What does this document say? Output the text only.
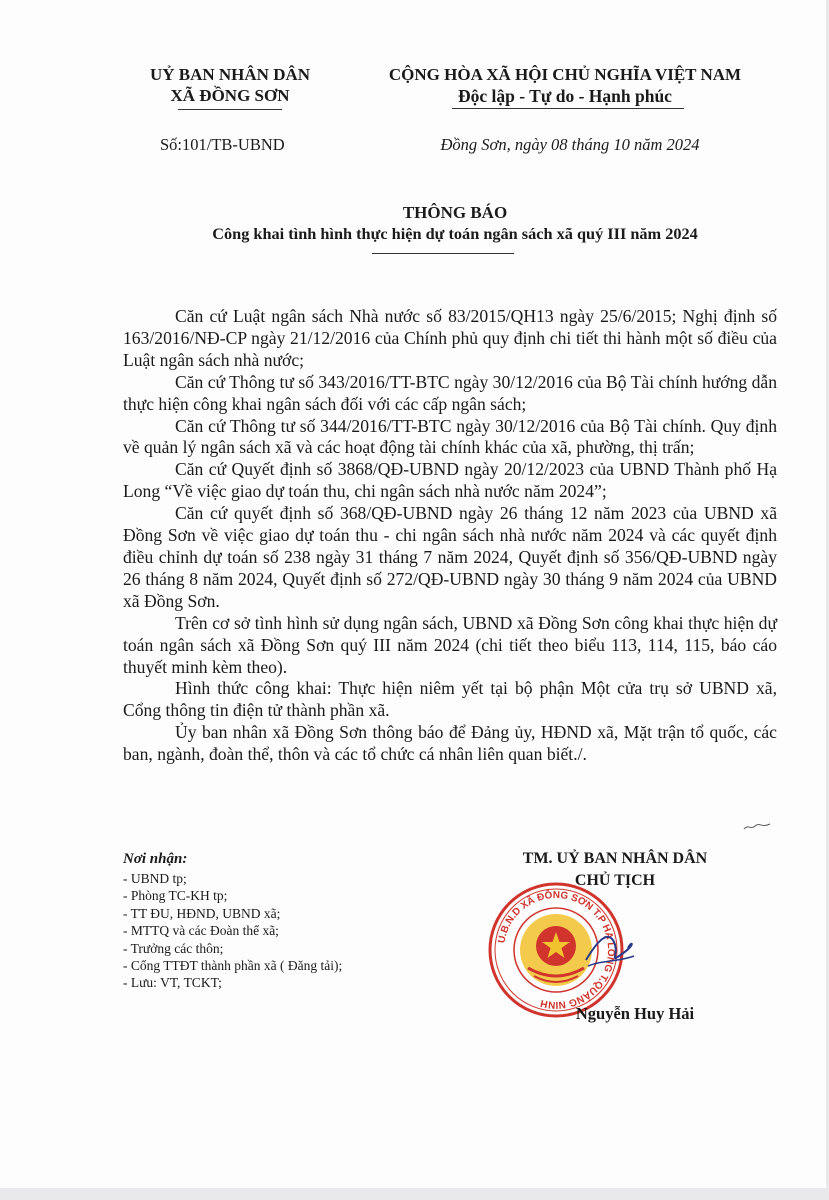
UỶ BAN NHÂN DÂN
XÃ ĐỒNG SƠN
CỘNG HÒA XÃ HỘI CHỦ NGHĨA VIỆT NAM
Độc lập - Tự do - Hạnh phúc
Số:101/TB-UBND	Đồng Sơn, ngày 08 tháng 10 năm 2024
THÔNG BÁO
Công khai tình hình thực hiện dự toán ngân sách xã quý III năm 2024

Căn cứ Luật ngân sách Nhà nước số 83/2015/QH13 ngày 25/6/2015; Nghị định số 163/2016/NĐ-CP ngày 21/12/2016 của Chính phủ quy định chi tiết thi hành một số điều của Luật ngân sách nhà nước;

Căn cứ Thông tư số 343/2016/TT-BTC ngày 30/12/2016 của Bộ Tài chính hướng dẫn thực hiện công khai ngân sách đối với các cấp ngân sách;

Căn cứ Thông tư số 344/2016/TT-BTC ngày 30/12/2016 của Bộ Tài chính. Quy định về quản lý ngân sách xã và các hoạt động tài chính khác của xã, phường, thị trấn;

Căn cứ Quyết định số 3868/QĐ-UBND ngày 20/12/2023 của UBND Thành phố Hạ Long “Về việc giao dự toán thu, chi ngân sách nhà nước năm 2024”;

Căn cứ quyết định số 368/QĐ-UBND ngày 26 tháng 12 năm 2023 của UBND xã Đồng Sơn về việc giao dự toán thu - chi ngân sách nhà nước năm 2024 và các quyết định điều chỉnh dự toán số 238 ngày 31 tháng 7 năm 2024, Quyết định số 356/QĐ-UBND ngày 26 tháng 8 năm 2024, Quyết định số 272/QĐ-UBND ngày 30 tháng 9 năm 2024 của UBND xã Đồng Sơn.

Trên cơ sở tình hình sử dụng ngân sách, UBND xã Đồng Sơn công khai thực hiện dự toán ngân sách xã Đồng Sơn quý III năm 2024 (chi tiết theo biểu 113, 114, 115, báo cáo thuyết minh kèm theo).

Hình thức công khai: Thực hiện niêm yết tại bộ phận Một cửa trụ sở UBND xã, Cổng thông tin điện tử thành phần xã.

Ủy ban nhân xã Đồng Sơn thông báo để Đảng ủy, HĐND xã, Mặt trận tổ quốc, các ban, ngành, đoàn thể, thôn và các tổ chức cá nhân liên quan biết./.

Nơi nhận:
- UBND tp;
- Phòng TC-KH tp;
- TT ĐU, HĐND, UBND xã;
- MTTQ và các Đoàn thể xã;
- Trưởng các thôn;
- Cổng TTĐT thành phần xã ( Đăng tải);
- Lưu: VT, TCKT;
TM. UỶ BAN NHÂN DÂN
CHỦ TỊCH
U.B.N.D XÃ ĐỒNG SƠN T.P HẠ LONG T.QUẢNG NINH
Nguyễn Huy Hải
